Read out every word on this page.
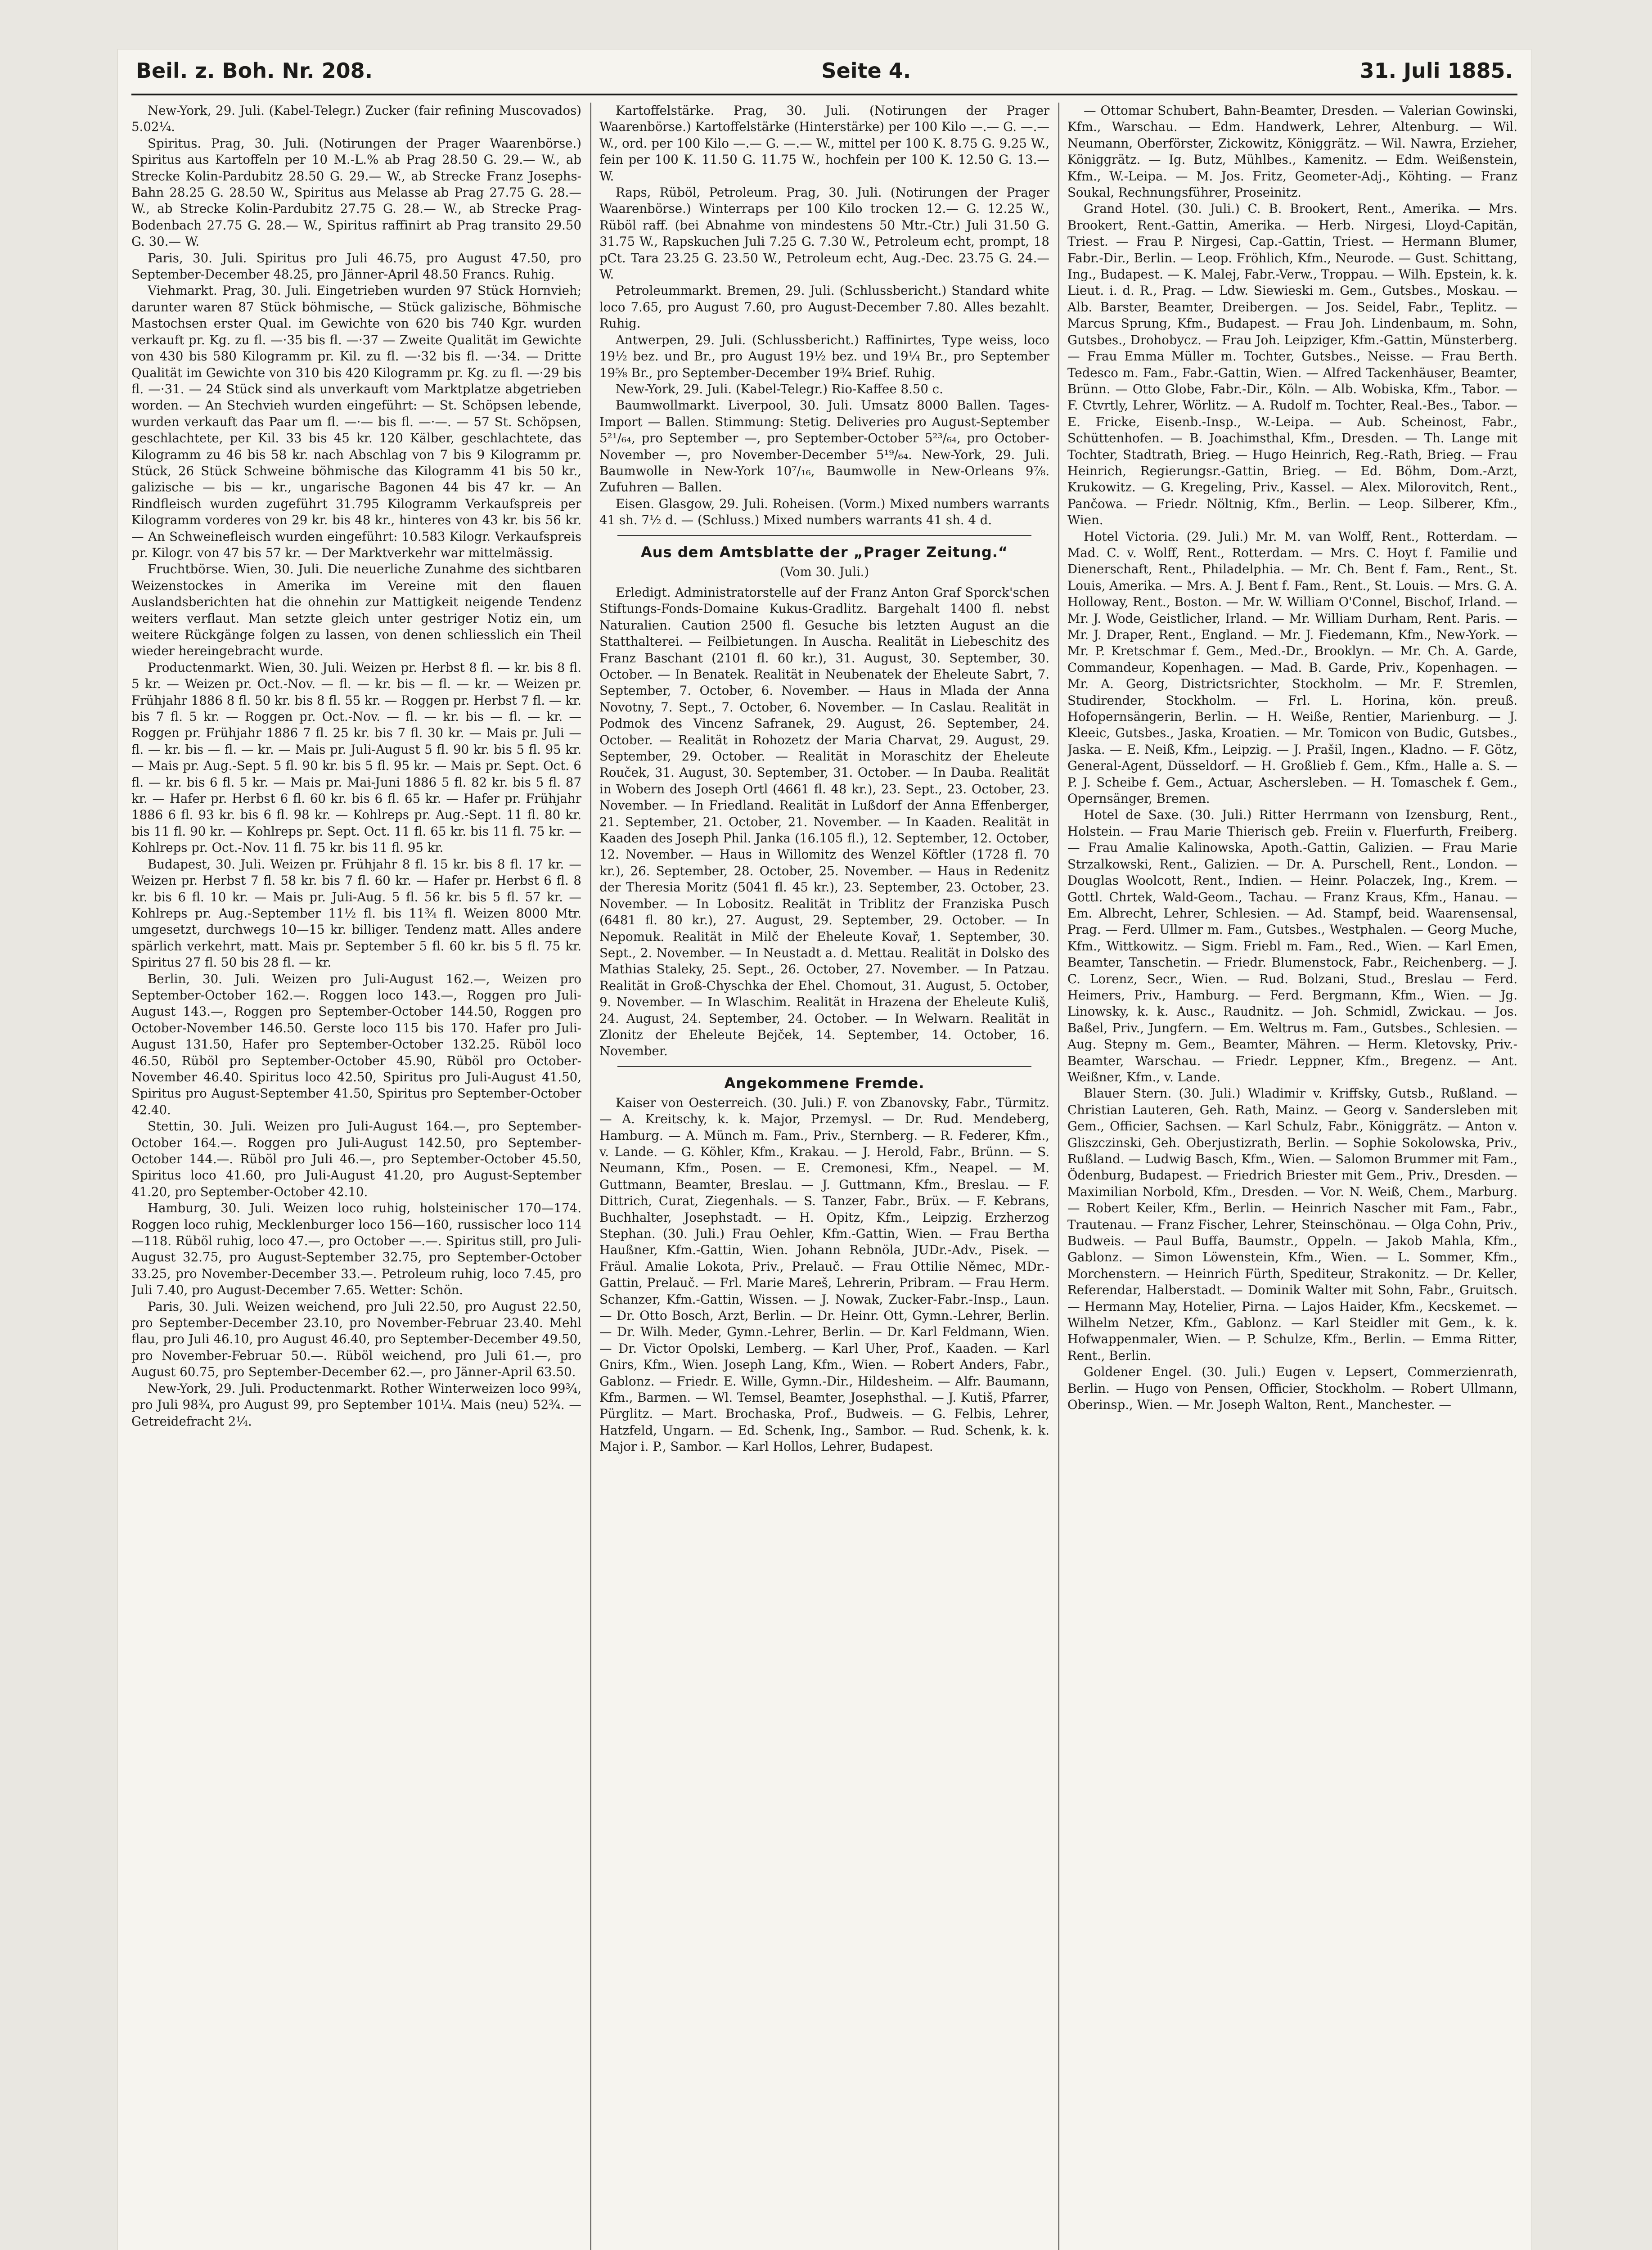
Beil. z. Boh. Nr. 208.	Seite 4.	31. Juli 1885.

New-York, 29. Juli. (Kabel-Telegr.) Zucker (fair refining Muscovados) 5.02¼.

Spiritus. Prag, 30. Juli. (Notirungen der Prager Waarenbörse.) Spiritus aus Kartoffeln per 10 M.-L.% ab Prag 28.50 G. 29.— W., ab Strecke Kolin-Pardubitz 28.50 G. 29.— W., ab Strecke Franz Josephs-Bahn 28.25 G. 28.50 W., Spiritus aus Melasse ab Prag 27.75 G. 28.— W., ab Strecke Kolin-Pardubitz 27.75 G. 28.— W., ab Strecke Prag-Bodenbach 27.75 G. 28.— W., Spiritus raffinirt ab Prag transito 29.50 G. 30.— W.

Paris, 30. Juli. Spiritus pro Juli 46.75, pro August 47.50, pro September-December 48.25, pro Jänner-April 48.50 Francs. Ruhig.

Viehmarkt. Prag, 30. Juli. Eingetrieben wurden 97 Stück Hornvieh; darunter waren 87 Stück böhmische, — Stück galizische, Böhmische Mastochsen erster Qual. im Gewichte von 620 bis 740 Kgr. wurden verkauft pr. Kg. zu fl. —·35 bis fl. —·37 — Zweite Qualität im Gewichte von 430 bis 580 Kilogramm pr. Kil. zu fl. —·32 bis fl. —·34. — Dritte Qualität im Gewichte von 310 bis 420 Kilogramm pr. Kg. zu fl. —·29 bis fl. —·31. — 24 Stück sind als unverkauft vom Marktplatze abgetrieben worden. — An Stechvieh wurden eingeführt: — St. Schöpsen lebende, wurden verkauft das Paar um fl. —·— bis fl. —·—. — 57 St. Schöpsen, geschlachtete, per Kil. 33 bis 45 kr. 120 Kälber, geschlachtete, das Kilogramm zu 46 bis 58 kr. nach Abschlag von 7 bis 9 Kilogramm pr. Stück, 26 Stück Schweine böhmische das Kilogramm 41 bis 50 kr., galizische — bis — kr., ungarische Bagonen 44 bis 47 kr. — An Rindfleisch wurden zugeführt 31.795 Kilogramm Verkaufspreis per Kilogramm vorderes von 29 kr. bis 48 kr., hinteres von 43 kr. bis 56 kr. — An Schweinefleisch wurden eingeführt: 10.583 Kilogr. Verkaufspreis pr. Kilogr. von 47 bis 57 kr. — Der Marktverkehr war mittelmässig.

Fruchtbörse. Wien, 30. Juli. Die neuerliche Zunahme des sichtbaren Weizenstockes in Amerika im Vereine mit den flauen Auslandsberichten hat die ohnehin zur Mattigkeit neigende Tendenz weiters verflaut. Man setzte gleich unter gestriger Notiz ein, um weitere Rückgänge folgen zu lassen, von denen schliesslich ein Theil wieder hereingebracht wurde.

Productenmarkt. Wien, 30. Juli. Weizen pr. Herbst 8 fl. — kr. bis 8 fl. 5 kr. — Weizen pr. Oct.-Nov. — fl. — kr. bis — fl. — kr. — Weizen pr. Frühjahr 1886 8 fl. 50 kr. bis 8 fl. 55 kr. — Roggen pr. Herbst 7 fl. — kr. bis 7 fl. 5 kr. — Roggen pr. Oct.-Nov. — fl. — kr. bis — fl. — kr. — Roggen pr. Frühjahr 1886 7 fl. 25 kr. bis 7 fl. 30 kr. — Mais pr. Juli — fl. — kr. bis — fl. — kr. — Mais pr. Juli-August 5 fl. 90 kr. bis 5 fl. 95 kr. — Mais pr. Aug.-Sept. 5 fl. 90 kr. bis 5 fl. 95 kr. — Mais pr. Sept. Oct. 6 fl. — kr. bis 6 fl. 5 kr. — Mais pr. Mai-Juni 1886 5 fl. 82 kr. bis 5 fl. 87 kr. — Hafer pr. Herbst 6 fl. 60 kr. bis 6 fl. 65 kr. — Hafer pr. Frühjahr 1886 6 fl. 93 kr. bis 6 fl. 98 kr. — Kohlreps pr. Aug.-Sept. 11 fl. 80 kr. bis 11 fl. 90 kr. — Kohlreps pr. Sept. Oct. 11 fl. 65 kr. bis 11 fl. 75 kr. — Kohlreps pr. Oct.-Nov. 11 fl. 75 kr. bis 11 fl. 95 kr.

Budapest, 30. Juli. Weizen pr. Frühjahr 8 fl. 15 kr. bis 8 fl. 17 kr. — Weizen pr. Herbst 7 fl. 58 kr. bis 7 fl. 60 kr. — Hafer pr. Herbst 6 fl. 8 kr. bis 6 fl. 10 kr. — Mais pr. Juli-Aug. 5 fl. 56 kr. bis 5 fl. 57 kr. — Kohlreps pr. Aug.-September 11½ fl. bis 11¾ fl. Weizen 8000 Mtr. umgesetzt, durchwegs 10—15 kr. billiger. Tendenz matt. Alles andere spärlich verkehrt, matt. Mais pr. September 5 fl. 60 kr. bis 5 fl. 75 kr. Spiritus 27 fl. 50 bis 28 fl. — kr.

Berlin, 30. Juli. Weizen pro Juli-August 162.—, Weizen pro September-October 162.—. Roggen loco 143.—, Roggen pro Juli-August 143.—, Roggen pro September-October 144.50, Roggen pro October-November 146.50. Gerste loco 115 bis 170. Hafer pro Juli-August 131.50, Hafer pro September-October 132.25. Rüböl loco 46.50, Rüböl pro September-October 45.90, Rüböl pro October-November 46.40. Spiritus loco 42.50, Spiritus pro Juli-August 41.50, Spiritus pro August-September 41.50, Spiritus pro September-October 42.40.

Stettin, 30. Juli. Weizen pro Juli-August 164.—, pro September-October 164.—. Roggen pro Juli-August 142.50, pro September-October 144.—. Rüböl pro Juli 46.—, pro September-October 45.50, Spiritus loco 41.60, pro Juli-August 41.20, pro August-September 41.20, pro September-October 42.10.

Hamburg, 30. Juli. Weizen loco ruhig, holsteinischer 170—174. Roggen loco ruhig, Mecklenburger loco 156—160, russischer loco 114—118. Rüböl ruhig, loco 47.—, pro October —.—. Spiritus still, pro Juli-August 32.75, pro August-September 32.75, pro September-October 33.25, pro November-December 33.—. Petroleum ruhig, loco 7.45, pro Juli 7.40, pro August-December 7.65. Wetter: Schön.

Paris, 30. Juli. Weizen weichend, pro Juli 22.50, pro August 22.50, pro September-December 23.10, pro November-Februar 23.40. Mehl flau, pro Juli 46.10, pro August 46.40, pro September-December 49.50, pro November-Februar 50.—. Rüböl weichend, pro Juli 61.—, pro August 60.75, pro September-December 62.—, pro Jänner-April 63.50.

New-York, 29. Juli. Productenmarkt. Rother Winterweizen loco 99¾, pro Juli 98¾, pro August 99, pro September 101¼. Mais (neu) 52¾. — Getreidefracht 2¼.

Kartoffelstärke. Prag, 30. Juli. (Notirungen der Prager Waarenbörse.) Kartoffelstärke (Hinterstärke) per 100 Kilo —.— G. —.— W., ord. per 100 Kilo —.— G. —.— W., mittel per 100 K. 8.75 G. 9.25 W., fein per 100 K. 11.50 G. 11.75 W., hochfein per 100 K. 12.50 G. 13.— W.

Raps, Rüböl, Petroleum. Prag, 30. Juli. (Notirungen der Prager Waarenbörse.) Winterraps per 100 Kilo trocken 12.— G. 12.25 W., Rüböl raff. (bei Abnahme von mindestens 50 Mtr.-Ctr.) Juli 31.50 G. 31.75 W., Rapskuchen Juli 7.25 G. 7.30 W., Petroleum echt, prompt, 18 pCt. Tara 23.25 G. 23.50 W., Petroleum echt, Aug.-Dec. 23.75 G. 24.— W.

Petroleummarkt. Bremen, 29. Juli. (Schlussbericht.) Standard white loco 7.65, pro August 7.60, pro August-December 7.80. Alles bezahlt. Ruhig.

Antwerpen, 29. Juli. (Schlussbericht.) Raffinirtes, Type weiss, loco 19½ bez. und Br., pro August 19½ bez. und 19¼ Br., pro September 19⅝ Br., pro September-December 19¾ Brief. Ruhig.

New-York, 29. Juli. (Kabel-Telegr.) Rio-Kaffee 8.50 c.

Baumwollmarkt. Liverpool, 30. Juli. Umsatz 8000 Ballen. Tages-Import — Ballen. Stimmung: Stetig. Deliveries pro August-September 5²¹/₆₄, pro September —, pro September-October 5²³/₆₄, pro October-November —, pro November-December 5¹⁹/₆₄. New-York, 29. Juli. Baumwolle in New-York 10⁷/₁₆, Baumwolle in New-Orleans 9⅞. Zufuhren — Ballen.

Eisen. Glasgow, 29. Juli. Roheisen. (Vorm.) Mixed numbers warrants 41 sh. 7½ d. — (Schluss.) Mixed numbers warrants 41 sh. 4 d.

Aus dem Amtsblatte der „Prager Zeitung.“
(Vom 30. Juli.)

Erledigt. Administratorstelle auf der Franz Anton Graf Sporck'schen Stiftungs-Fonds-Domaine Kukus-Gradlitz. Bargehalt 1400 fl. nebst Naturalien. Caution 2500 fl. Gesuche bis letzten August an die Statthalterei. — Feilbietungen. In Auscha. Realität in Liebeschitz des Franz Baschant (2101 fl. 60 kr.), 31. August, 30. September, 30. October. — In Benatek. Realität in Neubenatek der Eheleute Sabrt, 7. September, 7. October, 6. November. — Haus in Mlada der Anna Novotny, 7. Sept., 7. October, 6. November. — In Caslau. Realität in Podmok des Vincenz Safranek, 29. August, 26. September, 24. October. — Realität in Rohozetz der Maria Charvat, 29. August, 29. September, 29. October. — Realität in Moraschitz der Eheleute Rouček, 31. August, 30. September, 31. October. — In Dauba. Realität in Wobern des Joseph Ortl (4661 fl. 48 kr.), 23. Sept., 23. October, 23. November. — In Friedland. Realität in Lußdorf der Anna Effenberger, 21. September, 21. October, 21. November. — In Kaaden. Realität in Kaaden des Joseph Phil. Janka (16.105 fl.), 12. September, 12. October, 12. November. — Haus in Willomitz des Wenzel Köftler (1728 fl. 70 kr.), 26. September, 28. October, 25. November. — Haus in Redenitz der Theresia Moritz (5041 fl. 45 kr.), 23. September, 23. October, 23. November. — In Lobositz. Realität in Triblitz der Franziska Pusch (6481 fl. 80 kr.), 27. August, 29. September, 29. October. — In Nepomuk. Realität in Milč der Eheleute Kovař, 1. September, 30. Sept., 2. November. — In Neustadt a. d. Mettau. Realität in Dolsko des Mathias Staleky, 25. Sept., 26. October, 27. November. — In Patzau. Realität in Groß-Chyschka der Ehel. Chomout, 31. August, 5. October, 9. November. — In Wlaschim. Realität in Hrazena der Eheleute Kuliš, 24. August, 24. September, 24. October. — In Welwarn. Realität in Zlonitz der Eheleute Bejček, 14. September, 14. October, 16. November.

Angekommene Fremde.

Kaiser von Oesterreich. (30. Juli.) F. von Zbanovsky, Fabr., Türmitz. — A. Kreitschy, k. k. Major, Przemysl. — Dr. Rud. Mendeberg, Hamburg. — A. Münch m. Fam., Priv., Sternberg. — R. Federer, Kfm., v. Lande. — G. Köhler, Kfm., Krakau. — J. Herold, Fabr., Brünn. — S. Neumann, Kfm., Posen. — E. Cremonesi, Kfm., Neapel. — M. Guttmann, Beamter, Breslau. — J. Guttmann, Kfm., Breslau. — F. Dittrich, Curat, Ziegenhals. — S. Tanzer, Fabr., Brüx. — F. Kebrans, Buchhalter, Josephstadt. — H. Opitz, Kfm., Leipzig. Erzherzog Stephan. (30. Juli.) Frau Oehler, Kfm.-Gattin, Wien. — Frau Bertha Haußner, Kfm.-Gattin, Wien. Johann Rebnöla, JUDr.-Adv., Pisek. — Fräul. Amalie Lokota, Priv., Prelauč. — Frau Ottilie Němec, MDr.-Gattin, Prelauč. — Frl. Marie Mareš, Lehrerin, Pribram. — Frau Herm. Schanzer, Kfm.-Gattin, Wissen. — J. Nowak, Zucker-Fabr.-Insp., Laun. — Dr. Otto Bosch, Arzt, Berlin. — Dr. Heinr. Ott, Gymn.-Lehrer, Berlin. — Dr. Wilh. Meder, Gymn.-Lehrer, Berlin. — Dr. Karl Feldmann, Wien. — Dr. Victor Opolski, Lemberg. — Karl Uher, Prof., Kaaden. — Karl Gnirs, Kfm., Wien. Joseph Lang, Kfm., Wien. — Robert Anders, Fabr., Gablonz. — Friedr. E. Wille, Gymn.-Dir., Hildesheim. — Alfr. Baumann, Kfm., Barmen. — Wl. Temsel, Beamter, Josephsthal. — J. Kutiš, Pfarrer, Pürglitz. — Mart. Brochaska, Prof., Budweis. — G. Felbis, Lehrer, Hatzfeld, Ungarn. — Ed. Schenk, Ing., Sambor. — Rud. Schenk, k. k. Major i. P., Sambor. — Karl Hollos, Lehrer, Budapest.

— Ottomar Schubert, Bahn-Beamter, Dresden. — Valerian Gowinski, Kfm., Warschau. — Edm. Handwerk, Lehrer, Altenburg. — Wil. Neumann, Oberförster, Zickowitz, Königgrätz. — Wil. Nawra, Erzieher, Königgrätz. — Ig. Butz, Mühlbes., Kamenitz. — Edm. Weißenstein, Kfm., W.-Leipa. — M. Jos. Fritz, Geometer-Adj., Köhting. — Franz Soukal, Rechnungsführer, Proseinitz.

Grand Hotel. (30. Juli.) C. B. Brookert, Rent., Amerika. — Mrs. Brookert, Rent.-Gattin, Amerika. — Herb. Nirgesi, Lloyd-Capitän, Triest. — Frau P. Nirgesi, Cap.-Gattin, Triest. — Hermann Blumer, Fabr.-Dir., Berlin. — Leop. Fröhlich, Kfm., Neurode. — Gust. Schittang, Ing., Budapest. — K. Malej, Fabr.-Verw., Troppau. — Wilh. Epstein, k. k. Lieut. i. d. R., Prag. — Ldw. Siewieski m. Gem., Gutsbes., Moskau. — Alb. Barster, Beamter, Dreibergen. — Jos. Seidel, Fabr., Teplitz. — Marcus Sprung, Kfm., Budapest. — Frau Joh. Lindenbaum, m. Sohn, Gutsbes., Drohobycz. — Frau Joh. Leipziger, Kfm.-Gattin, Münsterberg. — Frau Emma Müller m. Tochter, Gutsbes., Neisse. — Frau Berth. Tedesco m. Fam., Fabr.-Gattin, Wien. — Alfred Tackenhäuser, Beamter, Brünn. — Otto Globe, Fabr.-Dir., Köln. — Alb. Wobiska, Kfm., Tabor. — F. Ctvrtly, Lehrer, Wörlitz. — A. Rudolf m. Tochter, Real.-Bes., Tabor. — E. Fricke, Eisenb.-Insp., W.-Leipa. — Aub. Scheinost, Fabr., Schüttenhofen. — B. Joachimsthal, Kfm., Dresden. — Th. Lange mit Tochter, Stadtrath, Brieg. — Hugo Heinrich, Reg.-Rath, Brieg. — Frau Heinrich, Regierungsr.-Gattin, Brieg. — Ed. Böhm, Dom.-Arzt, Krukowitz. — G. Kregeling, Priv., Kassel. — Alex. Milorovitch, Rent., Pančowa. — Friedr. Nöltnig, Kfm., Berlin. — Leop. Silberer, Kfm., Wien.

Hotel Victoria. (29. Juli.) Mr. M. van Wolff, Rent., Rotterdam. — Mad. C. v. Wolff, Rent., Rotterdam. — Mrs. C. Hoyt f. Familie und Dienerschaft, Rent., Philadelphia. — Mr. Ch. Bent f. Fam., Rent., St. Louis, Amerika. — Mrs. A. J. Bent f. Fam., Rent., St. Louis. — Mrs. G. A. Holloway, Rent., Boston. — Mr. W. William O'Connel, Bischof, Irland. — Mr. J. Wode, Geistlicher, Irland. — Mr. William Durham, Rent. Paris. — Mr. J. Draper, Rent., England. — Mr. J. Fiedemann, Kfm., New-York. — Mr. P. Kretschmar f. Gem., Med.-Dr., Brooklyn. — Mr. Ch. A. Garde, Commandeur, Kopenhagen. — Mad. B. Garde, Priv., Kopenhagen. — Mr. A. Georg, Districtsrichter, Stockholm. — Mr. F. Stremlen, Studirender, Stockholm. — Frl. L. Horina, kön. preuß. Hofopernsängerin, Berlin. — H. Weiße, Rentier, Marienburg. — J. Kleeic, Gutsbes., Jaska, Kroatien. — Mr. Tomicon von Budic, Gutsbes., Jaska. — E. Neiß, Kfm., Leipzig. — J. Prašil, Ingen., Kladno. — F. Götz, General-Agent, Düsseldorf. — H. Großlieb f. Gem., Kfm., Halle a. S. — P. J. Scheibe f. Gem., Actuar, Aschersleben. — H. Tomaschek f. Gem., Opernsänger, Bremen.

Hotel de Saxe. (30. Juli.) Ritter Herrmann von Izensburg, Rent., Holstein. — Frau Marie Thierisch geb. Freiin v. Fluerfurth, Freiberg. — Frau Amalie Kalinowska, Apoth.-Gattin, Galizien. — Frau Marie Strzalkowski, Rent., Galizien. — Dr. A. Purschell, Rent., London. — Douglas Woolcott, Rent., Indien. — Heinr. Polaczek, Ing., Krem. — Gottl. Chrtek, Wald-Geom., Tachau. — Franz Kraus, Kfm., Hanau. — Em. Albrecht, Lehrer, Schlesien. — Ad. Stampf, beid. Waarensensal, Prag. — Ferd. Ullmer m. Fam., Gutsbes., Westphalen. — Georg Muche, Kfm., Wittkowitz. — Sigm. Friebl m. Fam., Red., Wien. — Karl Emen, Beamter, Tanschetin. — Friedr. Blumenstock, Fabr., Reichenberg. — J. C. Lorenz, Secr., Wien. — Rud. Bolzani, Stud., Breslau — Ferd. Heimers, Priv., Hamburg. — Ferd. Bergmann, Kfm., Wien. — Jg. Linowsky, k. k. Ausc., Raudnitz. — Joh. Schmidl, Zwickau. — Jos. Baßel, Priv., Jungfern. — Em. Weltrus m. Fam., Gutsbes., Schlesien. — Aug. Stepny m. Gem., Beamter, Mähren. — Herm. Kletovsky, Priv.-Beamter, Warschau. — Friedr. Leppner, Kfm., Bregenz. — Ant. Weißner, Kfm., v. Lande.

Blauer Stern. (30. Juli.) Wladimir v. Kriffsky, Gutsb., Rußland. — Christian Lauteren, Geh. Rath, Mainz. — Georg v. Sandersleben mit Gem., Officier, Sachsen. — Karl Schulz, Fabr., Königgrätz. — Anton v. Gliszczinski, Geh. Oberjustizrath, Berlin. — Sophie Sokolowska, Priv., Rußland. — Ludwig Basch, Kfm., Wien. — Salomon Brummer mit Fam., Ödenburg, Budapest. — Friedrich Briester mit Gem., Priv., Dresden. — Maximilian Norbold, Kfm., Dresden. — Vor. N. Weiß, Chem., Marburg. — Robert Keiler, Kfm., Berlin. — Heinrich Nascher mit Fam., Fabr., Trautenau. — Franz Fischer, Lehrer, Steinschönau. — Olga Cohn, Priv., Budweis. — Paul Buffa, Baumstr., Oppeln. — Jakob Mahla, Kfm., Gablonz. — Simon Löwenstein, Kfm., Wien. — L. Sommer, Kfm., Morchenstern. — Heinrich Fürth, Spediteur, Strakonitz. — Dr. Keller, Referendar, Halberstadt. — Dominik Walter mit Sohn, Fabr., Gruitsch. — Hermann May, Hotelier, Pirna. — Lajos Haider, Kfm., Kecskemet. — Wilhelm Netzer, Kfm., Gablonz. — Karl Steidler mit Gem., k. k. Hofwappenmaler, Wien. — P. Schulze, Kfm., Berlin. — Emma Ritter, Rent., Berlin.

Goldener Engel. (30. Juli.) Eugen v. Lepsert, Commerzienrath, Berlin. — Hugo von Pensen, Officier, Stockholm. — Robert Ullmann, Oberinsp., Wien. — Mr. Joseph Walton, Rent., Manchester. —
